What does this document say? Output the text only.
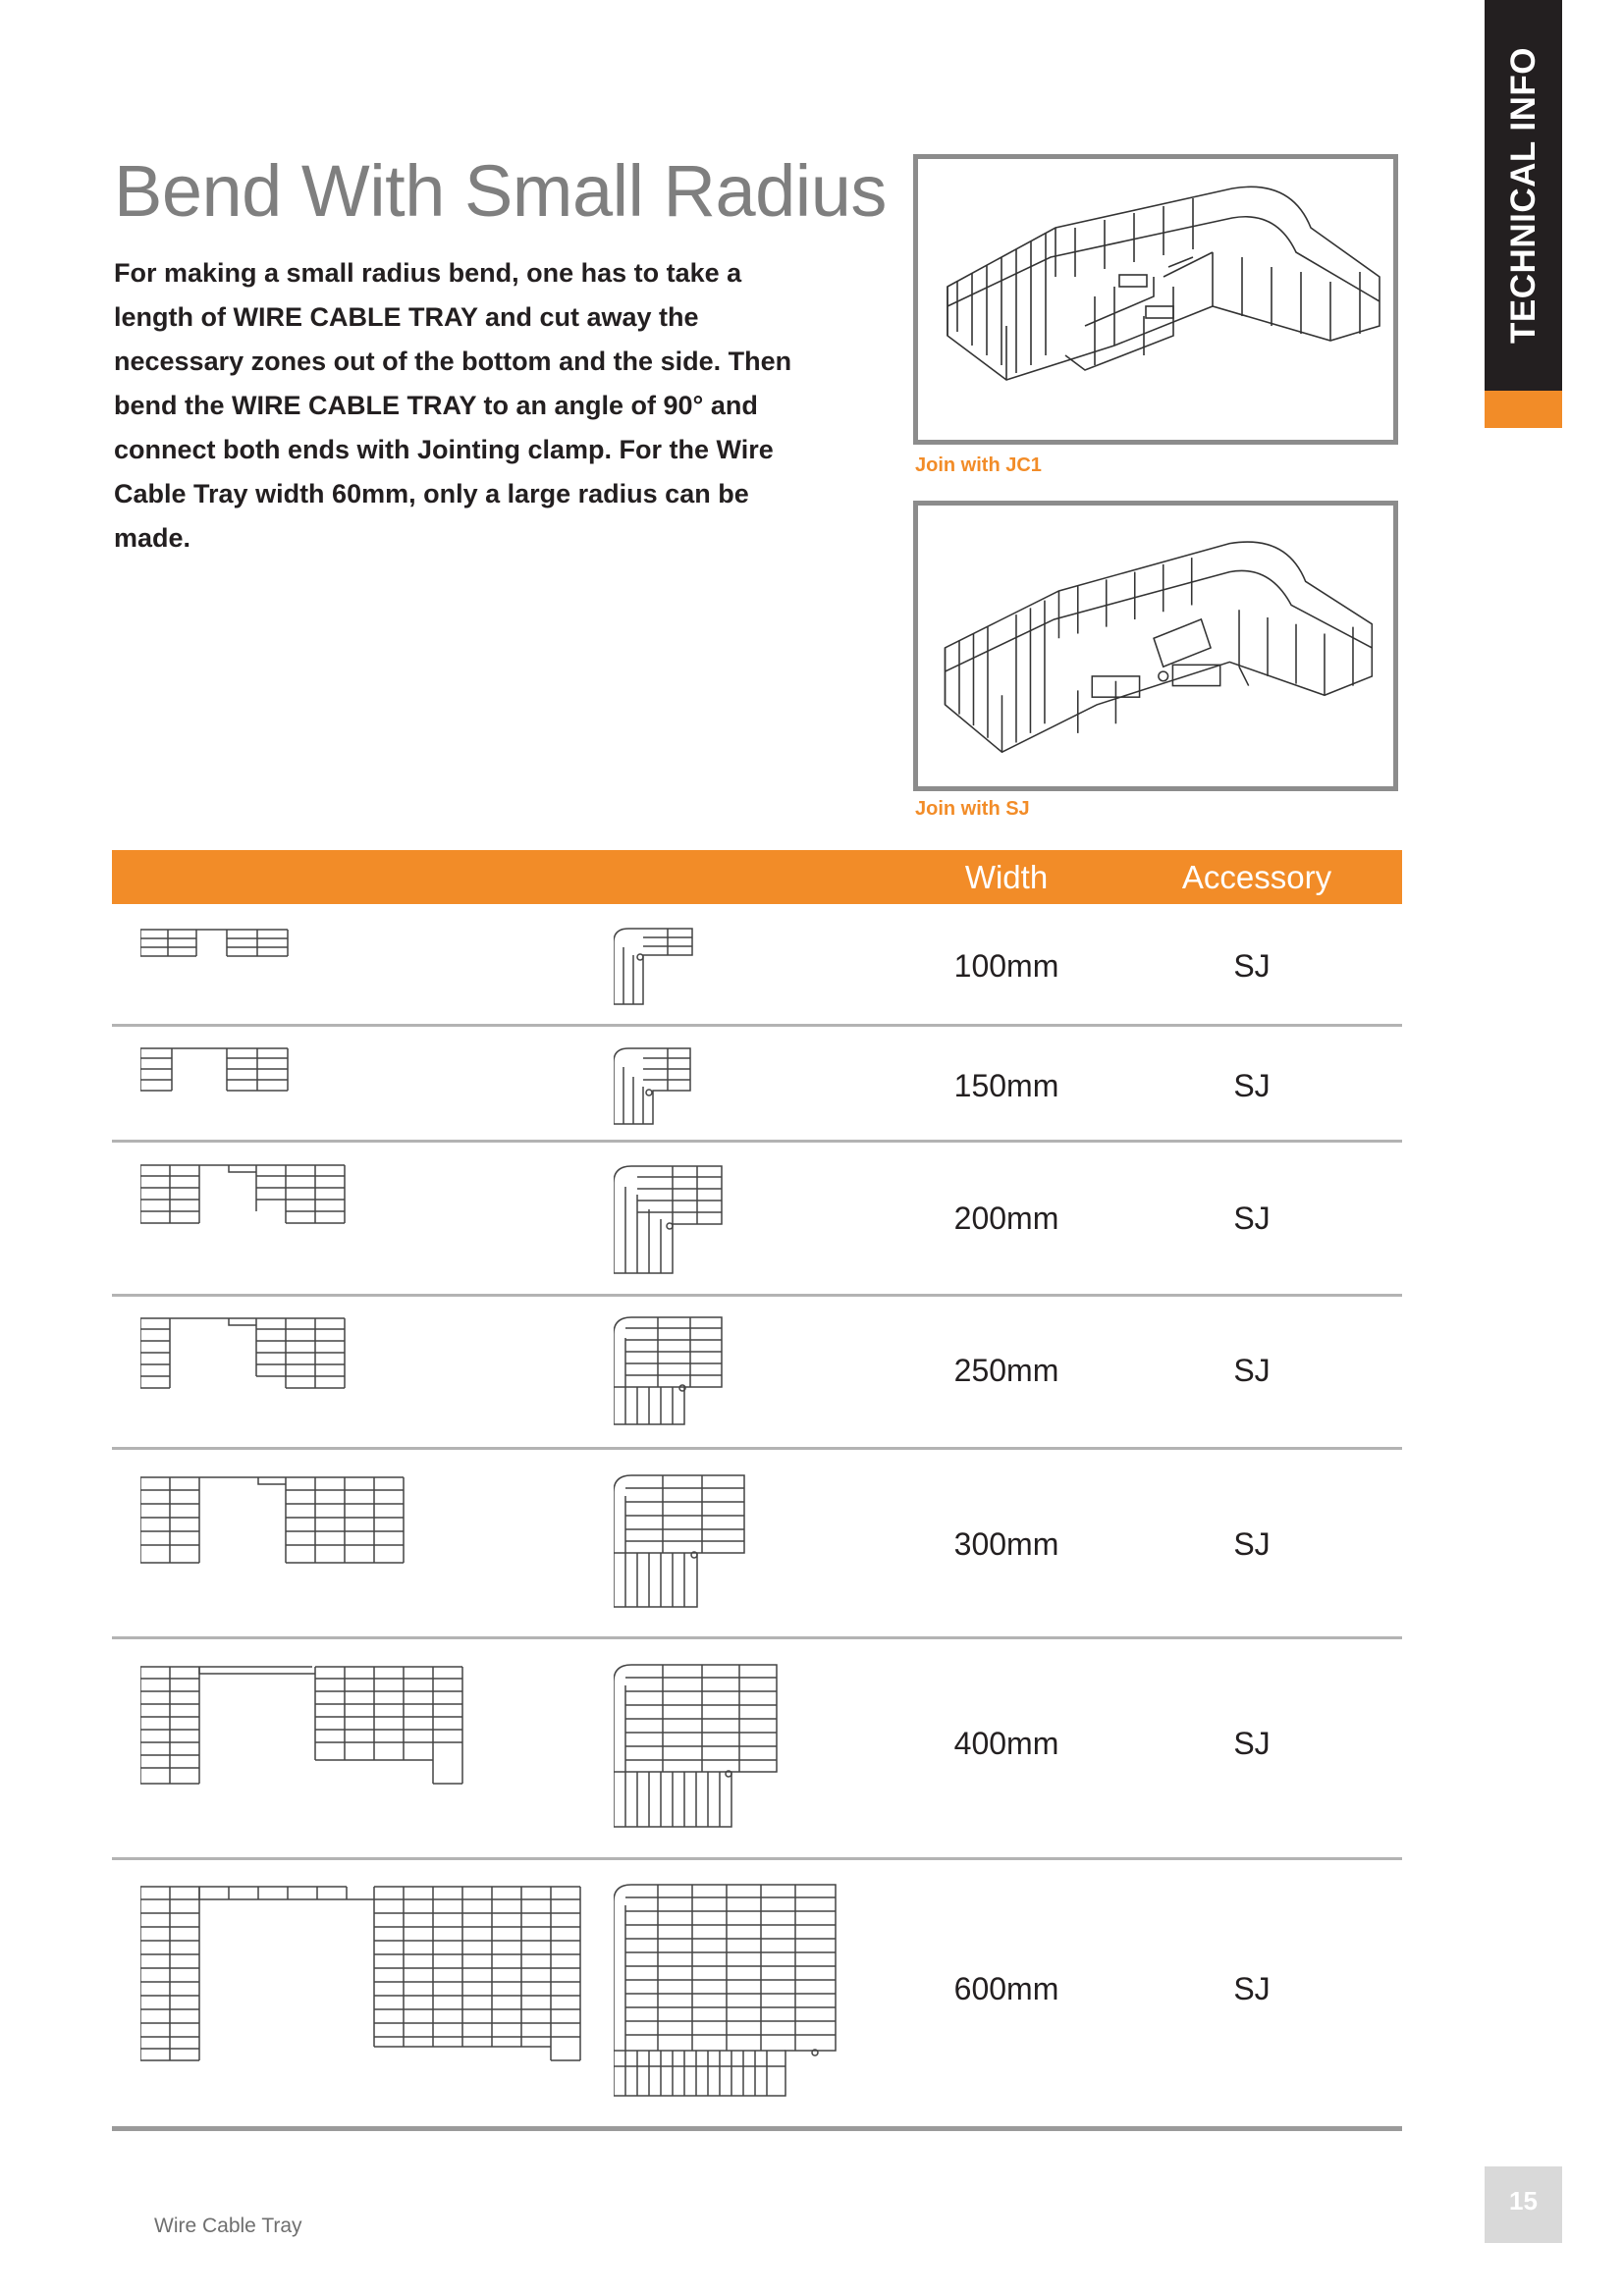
TECHNICAL INFO
Bend With Small Radius

For making a small radius bend, one has to take a length of WIRE CABLE TRAY and cut away the necessary zones out of the bottom and the side. Then bend the WIRE CABLE TRAY to an angle of 90° and connect both ends with Jointing clamp. For the Wire Cable Tray width 60mm, only a large radius can be made.

Join with JC1
Join with SJ
Width	Accessory
100mm	SJ
150mm	SJ
200mm	SJ
250mm	SJ
300mm	SJ
400mm	SJ
600mm	SJ
Wire Cable Tray
15
